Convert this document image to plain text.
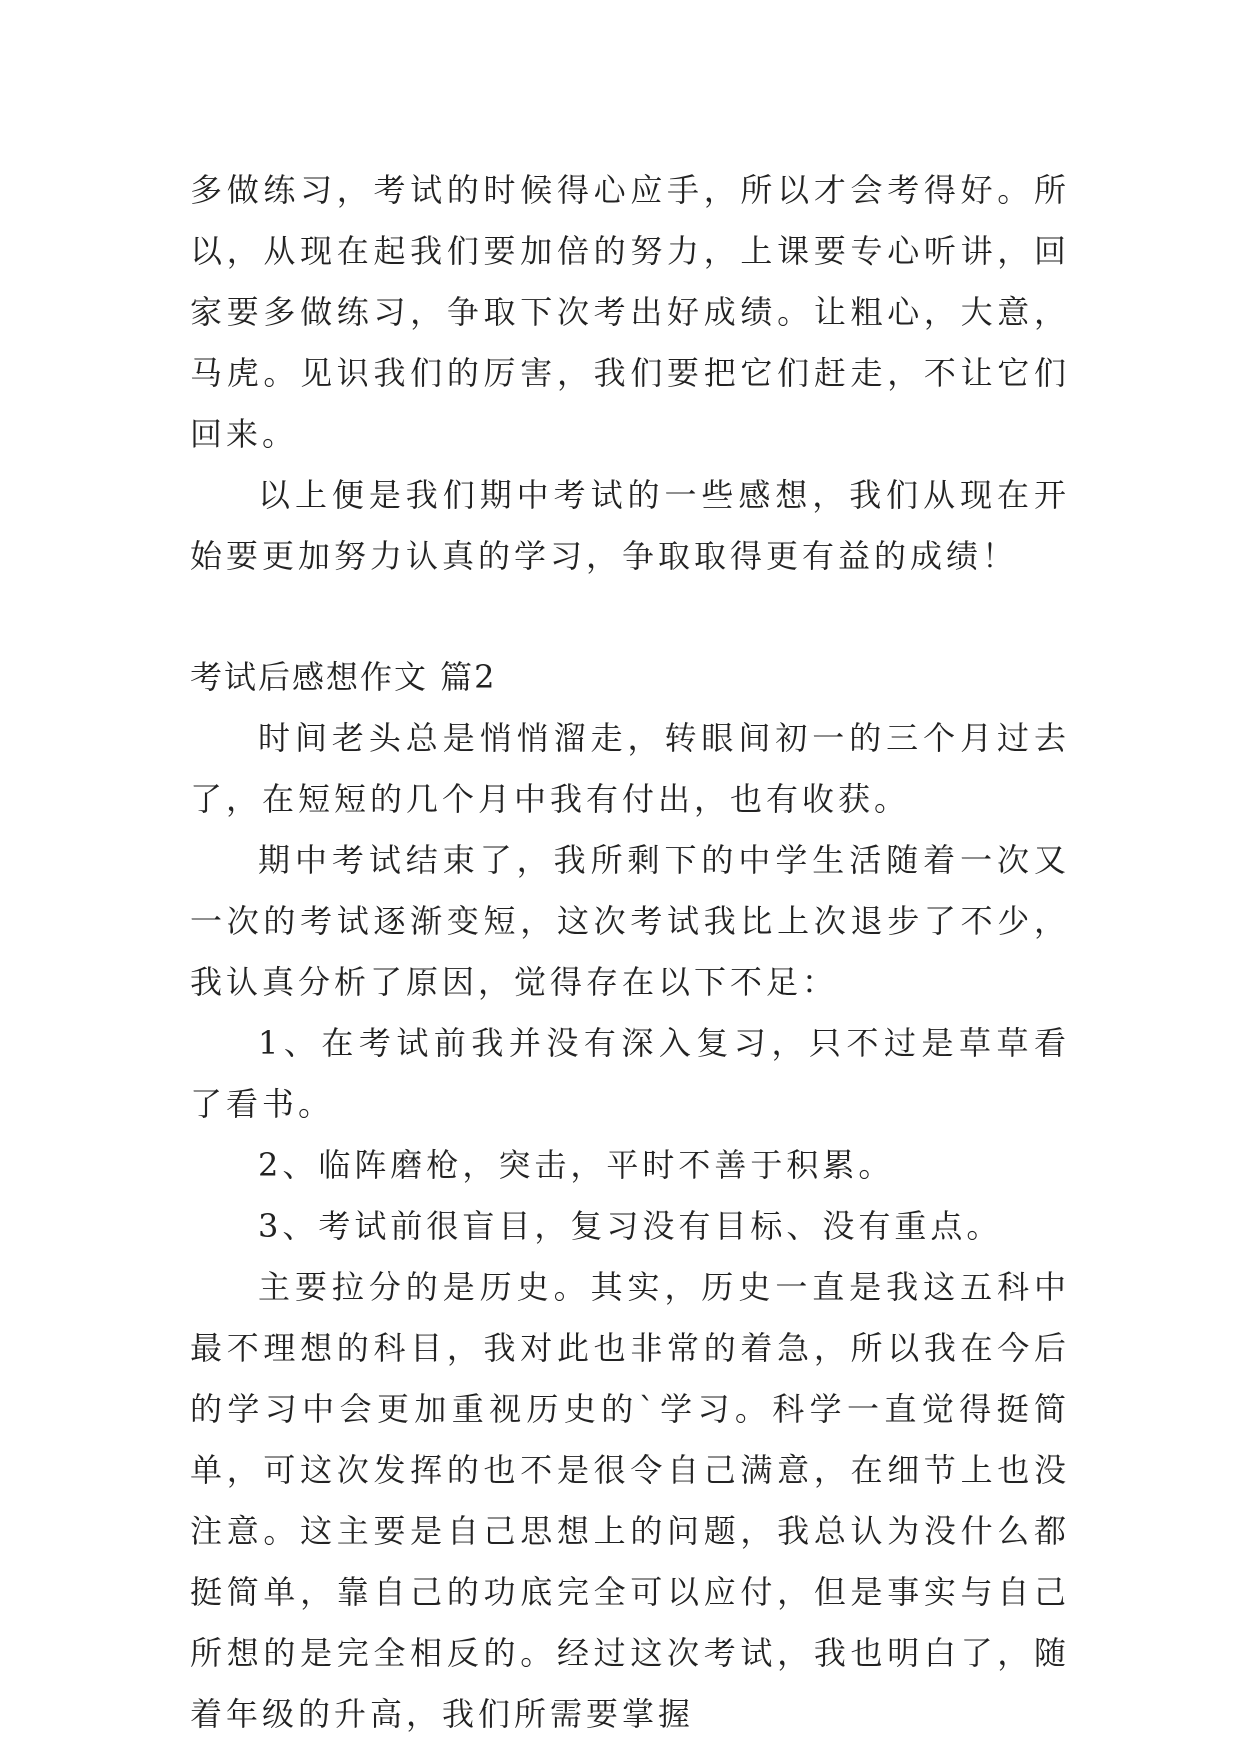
多做练习，考试的时候得心应手，所以才会考得好。所以，从现在起我们要加倍的努力，上课要专心听讲，回家要多做练习，争取下次考出好成绩。让粗心，大意，马虎。见识我们的厉害，我们要把它们赶走，不让它们回来。

以上便是我们期中考试的一些感想，我们从现在开始要更加努力认真的学习，争取取得更有益的成绩！

考试后感想作文 篇2

时间老头总是悄悄溜走，转眼间初一的三个月过去了，在短短的几个月中我有付出，也有收获。

期中考试结束了，我所剩下的中学生活随着一次又一次的考试逐渐变短，这次考试我比上次退步了不少，我认真分析了原因，觉得存在以下不足：

1、在考试前我并没有深入复习，只不过是草草看了看书。

2、临阵磨枪，突击，平时不善于积累。

3、考试前很盲目，复习没有目标、没有重点。

主要拉分的是历史。其实，历史一直是我这五科中最不理想的科目，我对此也非常的着急，所以我在今后的学习中会更加重视历史的`学习。科学一直觉得挺简单，可这次发挥的也不是很令自己满意，在细节上也没注意。这主要是自己思想上的问题，我总认为没什么都挺简单，靠自己的功底完全可以应付，但是事实与自己所想的是完全相反的。经过这次考试，我也明白了，随着年级的升高，我们所需要掌握
